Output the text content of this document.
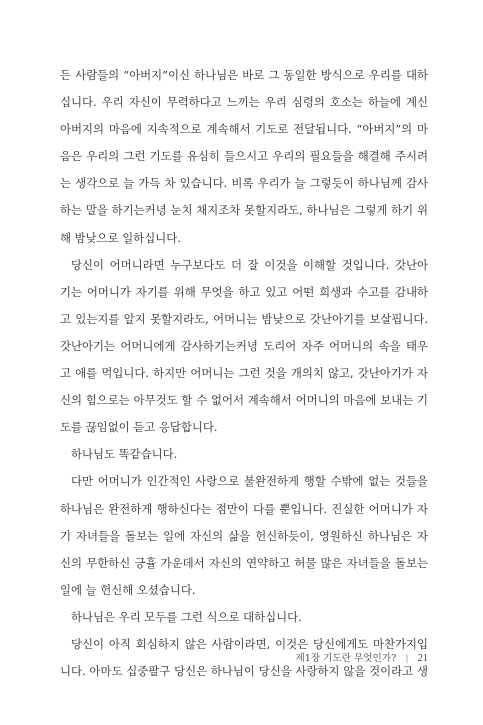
든 사람들의 “아버지”이신 하나님은 바로 그 동일한 방식으로 우리를 대하
십니다. 우리 자신이 무력하다고 느끼는 우리 심령의 호소는 하늘에 계신
아버지의 마음에 지속적으로 계속해서 기도로 전달됩니다. “아버지”의 마
음은 우리의 그런 기도를 유심히 들으시고 우리의 필요들을 해결해 주시려
는 생각으로 늘 가득 차 있습니다. 비록 우리가 늘 그렇듯이 하나님께 감사
하는 말을 하기는커녕 눈치 채지조차 못할지라도, 하나님은 그렇게 하기 위
해 밤낮으로 일하십니다.
당신이 어머니라면 누구보다도 더 잘 이것을 이해할 것입니다. 갓난아
기는 어머니가 자기를 위해 무엇을 하고 있고 어떤 희생과 수고를 감내하
고 있는지를 알지 못할지라도, 어머니는 밤낮으로 갓난아기를 보살핍니다.
갓난아기는 어머니에게 감사하기는커녕 도리어 자주 어머니의 속을 태우
고 애를 먹입니다. 하지만 어머니는 그런 것을 개의치 않고, 갓난아기가 자
신의 힘으로는 아무것도 할 수 없어서 계속해서 어머니의 마음에 보내는 기
도를 끊임없이 듣고 응답합니다.
하나님도 똑같습니다.
다만 어머니가 인간적인 사랑으로 불완전하게 행할 수밖에 없는 것들을
하나님은 완전하게 행하신다는 점만이 다를 뿐입니다. 진실한 어머니가 자
기 자녀들을 돌보는 일에 자신의 삶을 헌신하듯이, 영원하신 하나님은 자
신의 무한하신 긍휼 가운데서 자신의 연약하고 허물 많은 자녀들을 돌보는
일에 늘 헌신해 오셨습니다.
하나님은 우리 모두를 그런 식으로 대하십니다.
당신이 아직 회심하지 않은 사람이라면, 이것은 당신에게도 마찬가지입
니다. 아마도 십중팔구 당신은 하나님이 당신을 사랑하지 않을 것이라고 생
제1장 기도란 무엇인가? | 21
